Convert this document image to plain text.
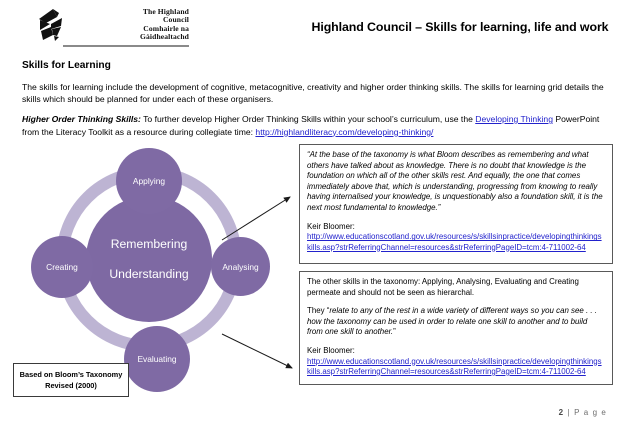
The Highland
Council
Comhairle na
Gàidhealtachd
Highland Council – Skills for learning, life and work
Skills for Learning
The skills for learning include the development of cognitive, metacognitive, creativity and higher order thinking skills. The skills for learning grid details the skills which should be planned for under each of these organisers.
Higher Order Thinking Skills: To further develop Higher Order Thinking Skills within your school’s curriculum, use the Developing Thinking PowerPoint from the Literacy Toolkit as a resource during collegiate time: http://highlandliteracy.com/developing-thinking/
Remembering
Understanding
Applying
Analysing
Evaluating
Creating
Based on Bloom’s Taxonomy
Revised (2000)

“At the base of the taxonomy is what Bloom describes as remembering and what others have talked about as knowledge. There is no doubt that knowledge is the foundation on which all of the other skills rest. And equally, the one that comes immediately above that, which is understanding, progressing from knowing to really having internalised your knowledge, is unquestionably also a foundation skill, it is the next most fundamental to knowledge.”

Keir Bloomer:

http://www.educationscotland.gov.uk/resources/s/skillsinpractice/developingthinkingskills.asp?strReferringChannel=resources&strReferringPageID=tcm:4-711002-64

The other skills in the taxonomy: Applying, Analysing, Evaluating and Creating permeate and should not be seen as hierarchal.

They “relate to any of the rest in a wide variety of different ways so you can see . . . how the taxonomy can be used in order to relate one skill to another and to build from one skill to another.”

Keir Bloomer:

http://www.educationscotland.gov.uk/resources/s/skillsinpractice/developingthinkingskills.asp?strReferringChannel=resources&strReferringPageID=tcm:4-711002-64
2 | P a g e
